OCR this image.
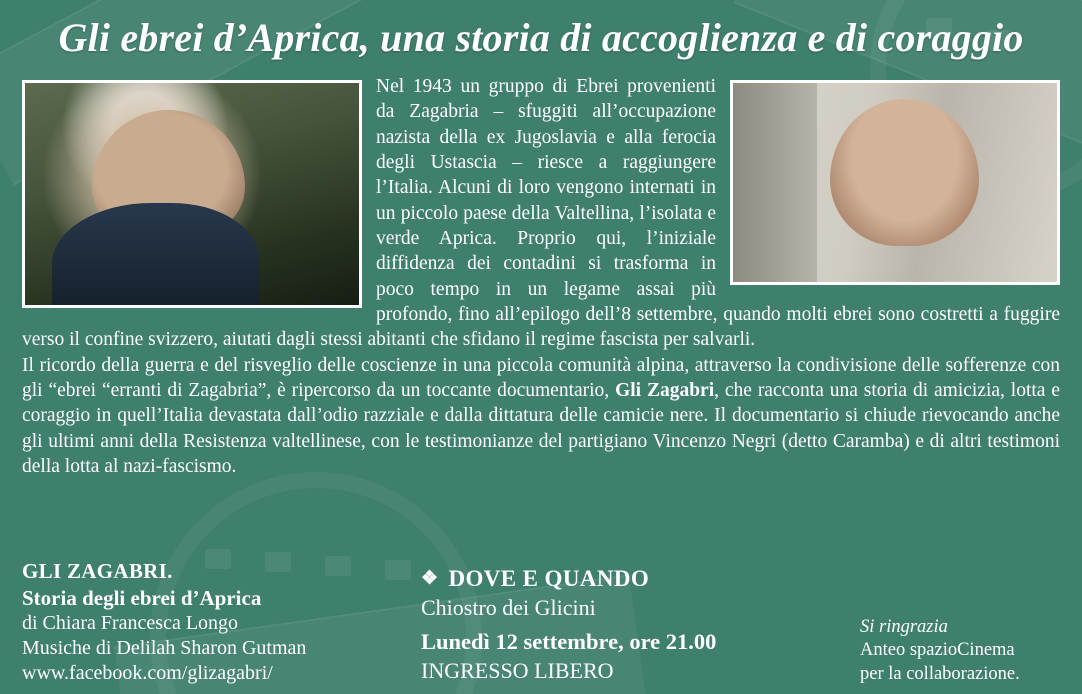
Gli ebrei d’Aprica, una storia di accoglienza e di coraggio

Nel 1943 un gruppo di Ebrei provenienti da Zagabria – sfuggiti all’occupazione nazista della ex Jugoslavia e alla ferocia degli Ustascia – riesce a raggiungere l’Italia. Alcuni di loro vengono internati in un piccolo paese della Valtellina, l’isolata e verde Aprica. Proprio qui, l’iniziale diffidenza dei contadini si trasforma in poco tempo in un legame assai più profondo, fino all’epilogo dell’8 settembre, quando molti ebrei sono costretti a fuggire verso il confine svizzero, aiutati dagli stessi abitanti che sfidano il regime fascista per salvarli.

Il ricordo della guerra e del risveglio delle coscienze in una piccola comunità alpina, attraverso la condivisione delle sofferenze con gli “ebrei “erranti di Zagabria”, è ripercorso da un toccante documentario, Gli Zagabri, che racconta una storia di amicizia, lotta e coraggio in quell’Italia devastata dall’odio razziale e dalla dittatura delle camicie nere. Il documentario si chiude rievocando anche gli ultimi anni della Resistenza valtellinese, con le testimonianze del partigiano Vincenzo Negri (detto Caramba) e di altri testimoni della lotta al nazi-fascismo.

GLI ZAGABRI.
Storia degli ebrei d’Aprica
di Chiara Francesca Longo
Musiche di Delilah Sharon Gutman
www.facebook.com/glizagabri/
❖ DOVE E QUANDO
Chiostro dei Glicini
Lunedì 12 settembre, ore 21.00
INGRESSO LIBERO
Si ringrazia
Anteo spazioCinema
per la collaborazione.
